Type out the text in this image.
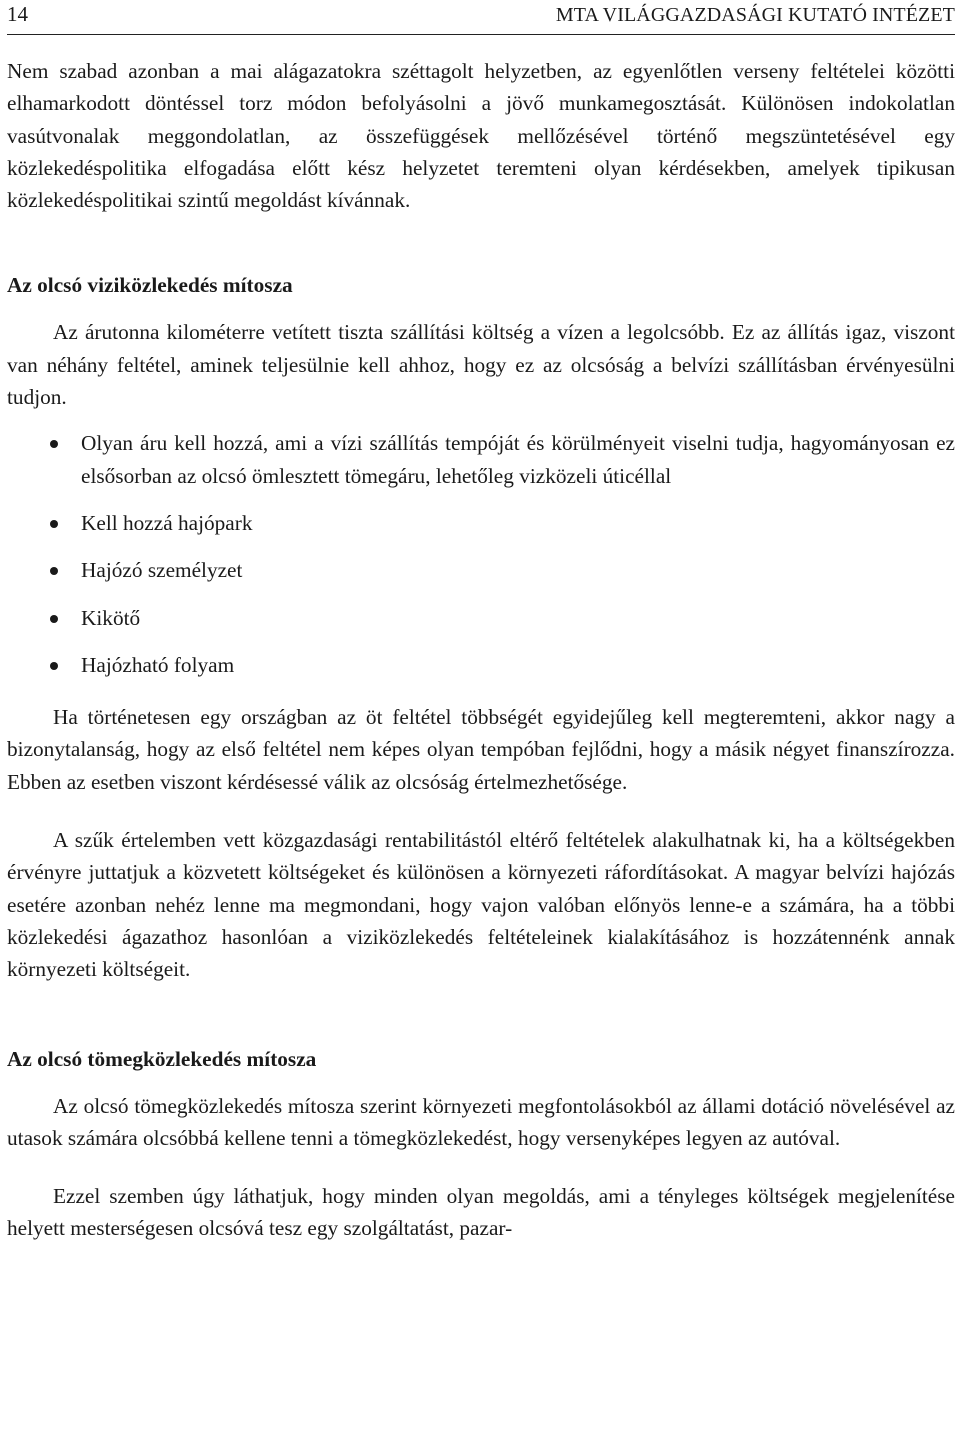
14	MTA VILÁGGAZDASÁGI KUTATÓ INTÉZET

Nem szabad azonban a mai alágazatokra széttagolt helyzetben, az egyenlőtlen verseny feltételei közötti elhamarkodott döntéssel torz módon befolyásolni a jövő munkamegosztását. Különösen indokolatlan vasútvonalak meggondolatlan, az összefüggések mellőzésével történő megszüntetésével egy közlekedéspolitika elfogadása előtt kész helyzetet teremteni olyan kérdésekben, amelyek tipikusan közlekedéspolitikai szintű megoldást kívánnak.

Az olcsó viziközlekedés mítosza

Az árutonna kilométerre vetített tiszta szállítási költség a vízen a legolcsóbb. Ez az állítás igaz, viszont van néhány feltétel, aminek teljesülnie kell ahhoz, hogy ez az olcsóság a belvízi szállításban érvényesülni tudjon.

Olyan áru kell hozzá, ami a vízi szállítás tempóját és körülményeit viselni tudja, hagyományosan ez elsősorban az olcsó ömlesztett tömegáru, lehetőleg vizközeli úticéllal
Kell hozzá hajópark
Hajózó személyzet
Kikötő
Hajózható folyam

Ha történetesen egy országban az öt feltétel többségét egyidejűleg kell megteremteni, akkor nagy a bizonytalanság, hogy az első feltétel nem képes olyan tempóban fejlődni, hogy a másik négyet finanszírozza. Ebben az esetben viszont kérdésessé válik az olcsóság értelmezhetősége.

A szűk értelemben vett közgazdasági rentabilitástól eltérő feltételek alakulhatnak ki, ha a költségekben érvényre juttatjuk a közvetett költségeket és különösen a környezeti ráfordításokat. A magyar belvízi hajózás esetére azonban nehéz lenne ma megmondani, hogy vajon valóban előnyös lenne-e a számára, ha a többi közlekedési ágazathoz hasonlóan a viziközlekedés feltételeinek kialakításához is hozzátennénk annak környezeti költségeit.

Az olcsó tömegközlekedés mítosza

Az olcsó tömegközlekedés mítosza szerint környezeti megfontolásokból az állami dotáció növelésével az utasok számára olcsóbbá kellene tenni a tömegközlekedést, hogy versenyképes legyen az autóval.

Ezzel szemben úgy láthatjuk, hogy minden olyan megoldás, ami a tényleges költségek megjelenítése helyett mesterségesen olcsóvá tesz egy szolgáltatást, pazar-
